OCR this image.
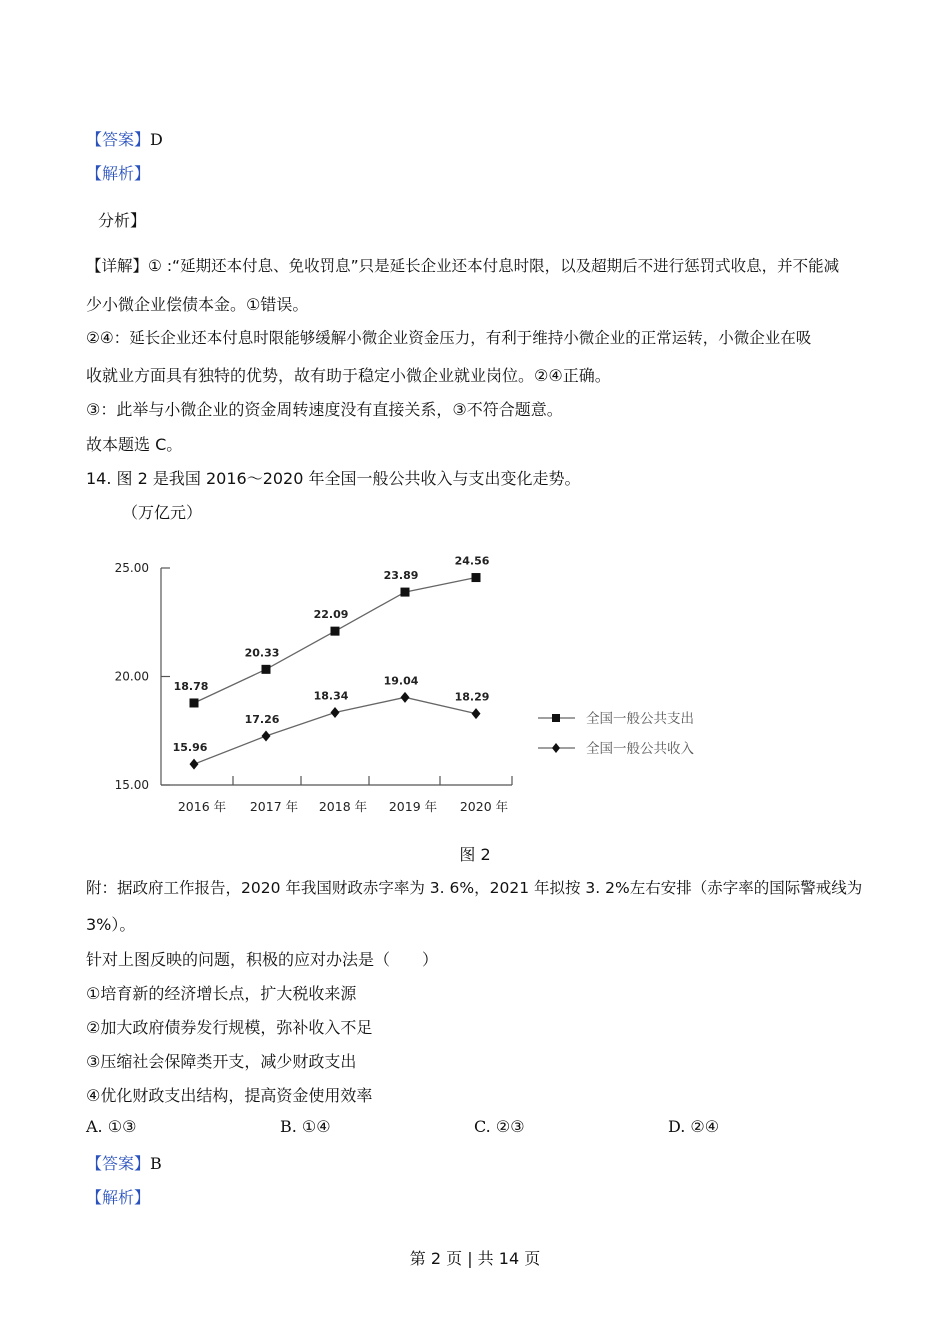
【答案】D
【解析】
分析】
【详解】① :“延期还本付息、免收罚息”只是延长企业还本付息时限，以及超期后不进行惩罚式收息，并不能减
少小微企业偿债本金。①错误。
②④：延长企业还本付息时限能够缓解小微企业资金压力，有利于维持小微企业的正常运转，小微企业在吸
收就业方面具有独特的优势，故有助于稳定小微企业就业岗位。②④正确。
③：此举与小微企业的资金周转速度没有直接关系，③不符合题意。
故本题选 C。
14. 图 2 是我国 2016～2020 年全国一般公共收入与支出变化走势。
（万亿元）
25.00
20.00
15.00
2016 年 2017 年 2018 年 2019 年 2020 年
18.78
20.33
22.09
23.89
24.56
15.96
17.26
18.34
19.04
18.29
全国一般公共支出
全国一般公共收入
图 2
附：据政府工作报告，2020 年我国财政赤字率为 3. 6%，2021 年拟按 3. 2%左右安排（赤字率的国际警戒线为
3%）。
针对上图反映的问题，积极的应对办法是（　　）
①培育新的经济增长点，扩大税收来源
②加大政府债券发行规模，弥补收入不足
③压缩社会保障类开支，减少财政支出
④优化财政支出结构，提高资金使用效率
A. ①③	B. ①④	C. ②③	D. ②④
【答案】B
【解析】
第 2 页 | 共 14 页
